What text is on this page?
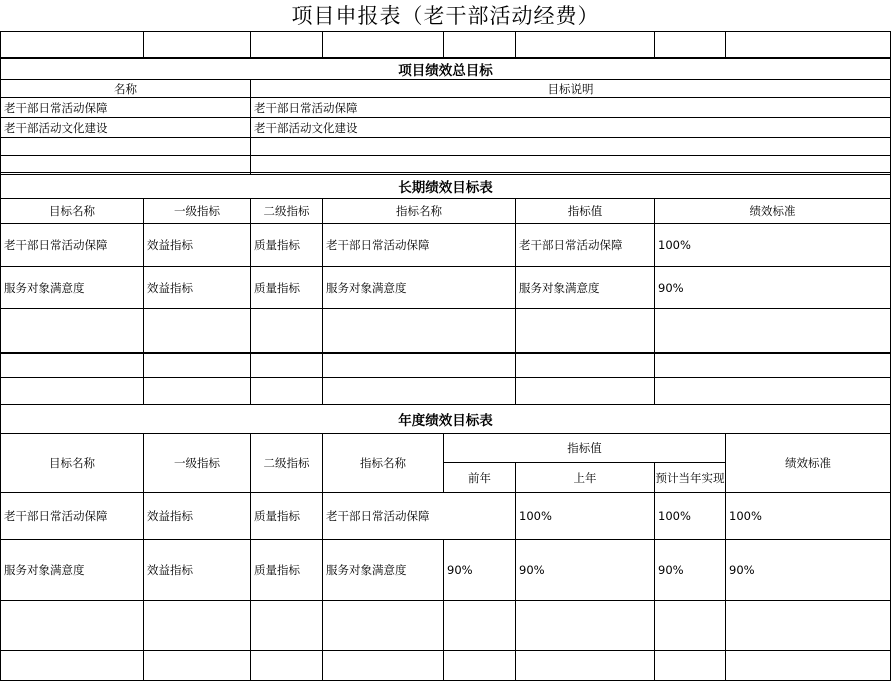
项目申报表（老干部活动经费）

项目绩效总目标	
名称	目标说明
老干部日常活动保障	老干部日常活动保障
老干部活动文化建设	老干部活动文化建设

长期绩效目标表					
目标名称	一级指标	二级指标	指标名称	指标值	绩效标准
老干部日常活动保障	效益指标	质量指标	老干部日常活动保障	老干部日常活动保障	100%
服务对象满意度	效益指标	质量指标	服务对象满意度	服务对象满意度	90%

年度绩效目标表							
目标名称	一级指标	二级指标	指标名称	指标值			绩效标准
				前年	上年	预计当年实现	
老干部日常活动保障	效益指标	质量指标	老干部日常活动保障		100%	100%	100%
服务对象满意度	效益指标	质量指标	服务对象满意度	90%	90%	90%	90%
